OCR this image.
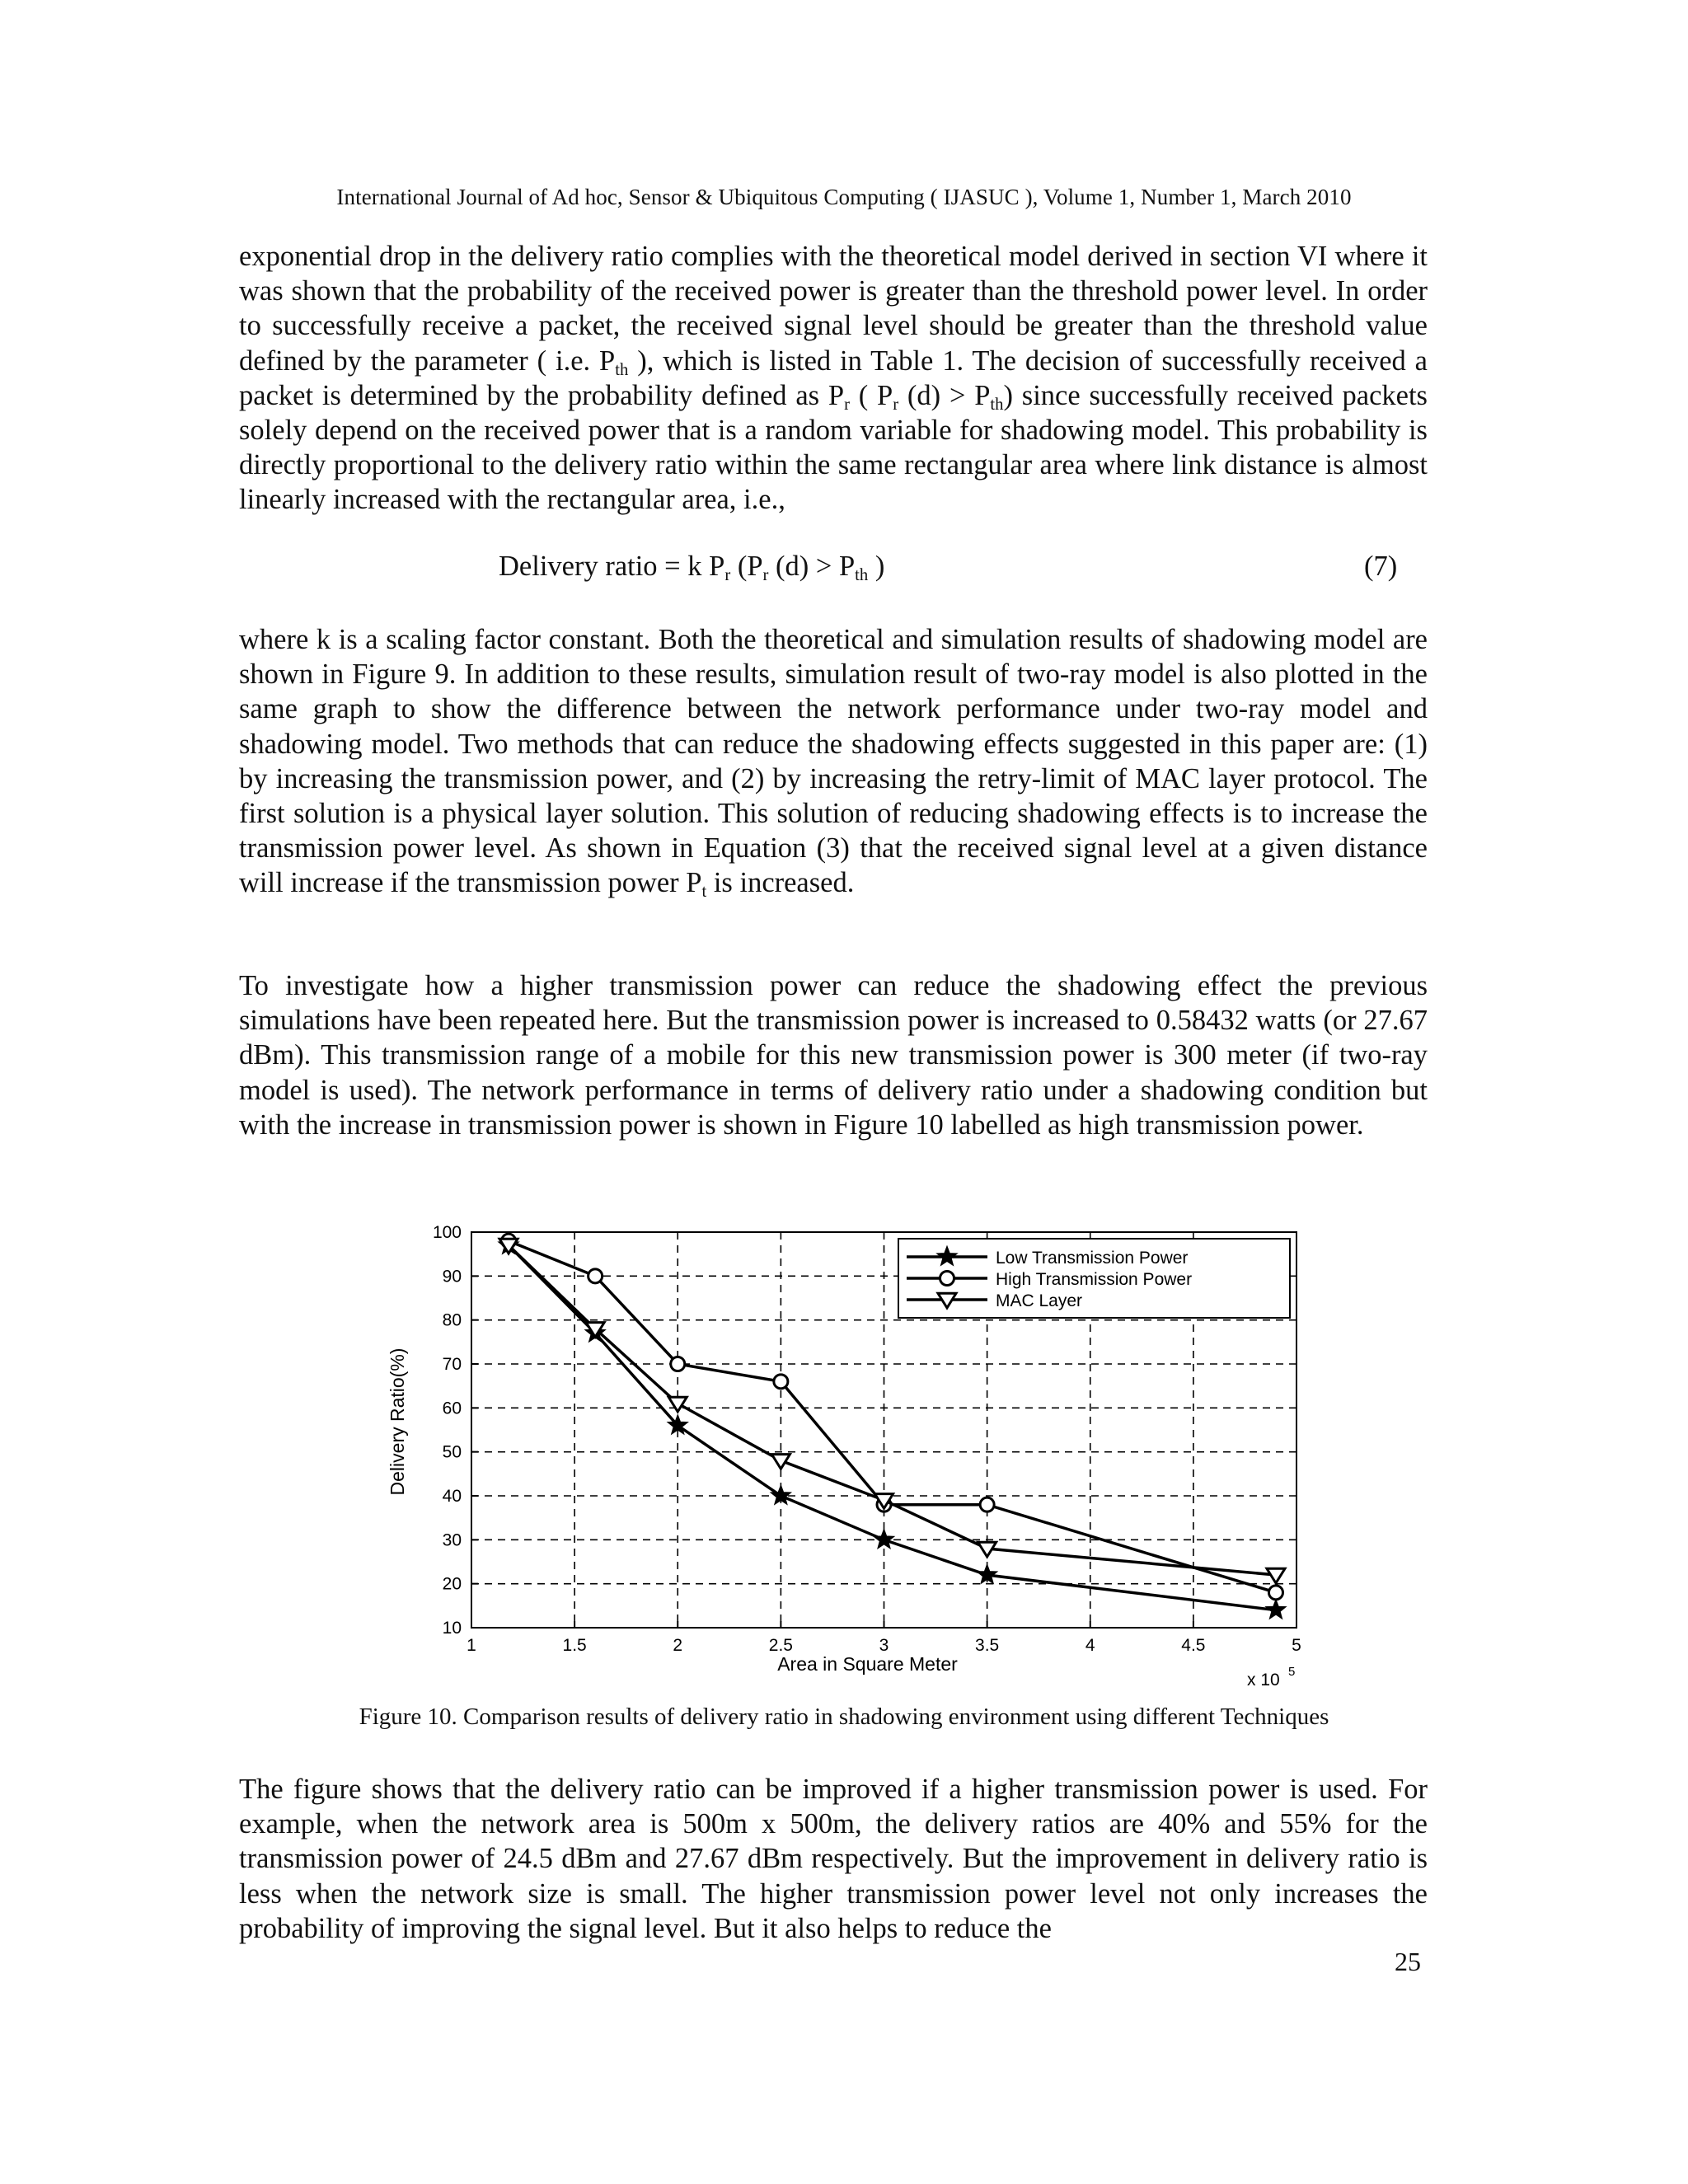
International Journal of Ad hoc, Sensor & Ubiquitous Computing ( IJASUC ), Volume 1, Number 1, March 2010
exponential drop in the delivery ratio complies with the theoretical model derived in section VI where it was shown that the probability of the received power is greater than the threshold power level. In order to successfully receive a packet, the received signal level should be greater than the threshold value defined by the parameter ( i.e. $P_{th}$ ), which is listed in Table 1. The decision of successfully received a packet is determined by the probability defined as $P_r$ ( $P_r$ $(d) > P_{th}$) since successfully received packets solely depend on the received power that is a random variable for shadowing model. This probability is directly proportional to the delivery ratio within the same rectangular area where link distance is almost linearly increased with the rectangular area, i.e.,
Delivery ratio = k $P_r$ ($P_r$ $(d) > P_{th}$ )	(7)
where k is a scaling factor constant. Both the theoretical and simulation results of shadowing model are shown in Figure 9. In addition to these results, simulation result of two-ray model is also plotted in the same graph to show the difference between the network performance under two-ray model and shadowing model. Two methods that can reduce the shadowing effects suggested in this paper are: (1) by increasing the transmission power, and (2) by increasing the retry-limit of MAC layer protocol. The first solution is a physical layer solution. This solution of reducing shadowing effects is to increase the transmission power level. As shown in Equation (3) that the received signal level at a given distance will increase if the transmission power $P_t$ is increased.
To investigate how a higher transmission power can reduce the shadowing effect the previous simulations have been repeated here. But the transmission power is increased to 0.58432 watts (or 27.67 dBm). This transmission range of a mobile for this new transmission power is 300 meter (if two-ray model is used). The network performance in terms of delivery ratio under a shadowing condition but with the increase in transmission power is shown in Figure 10 labelled as high transmission power.
1	1.5	2	2.5	3	3.5	4	4.5	5
10
20
30
40
50
60
70
80
90
100
Area in Square Meter
x 10 5
Delivery Ratio(%)
Low Transmission Power
High Transmission Power
MAC Layer
Figure 10. Comparison results of delivery ratio in shadowing environment using different Techniques
The figure shows that the delivery ratio can be improved if a higher transmission power is used. For example, when the network area is 500m x 500m, the delivery ratios are 40% and 55% for the transmission power of 24.5 dBm and 27.67 dBm respectively. But the improvement in delivery ratio is less when the network size is small. The higher transmission power level not only increases the probability of improving the signal level. But it also helps to reduce the
25
